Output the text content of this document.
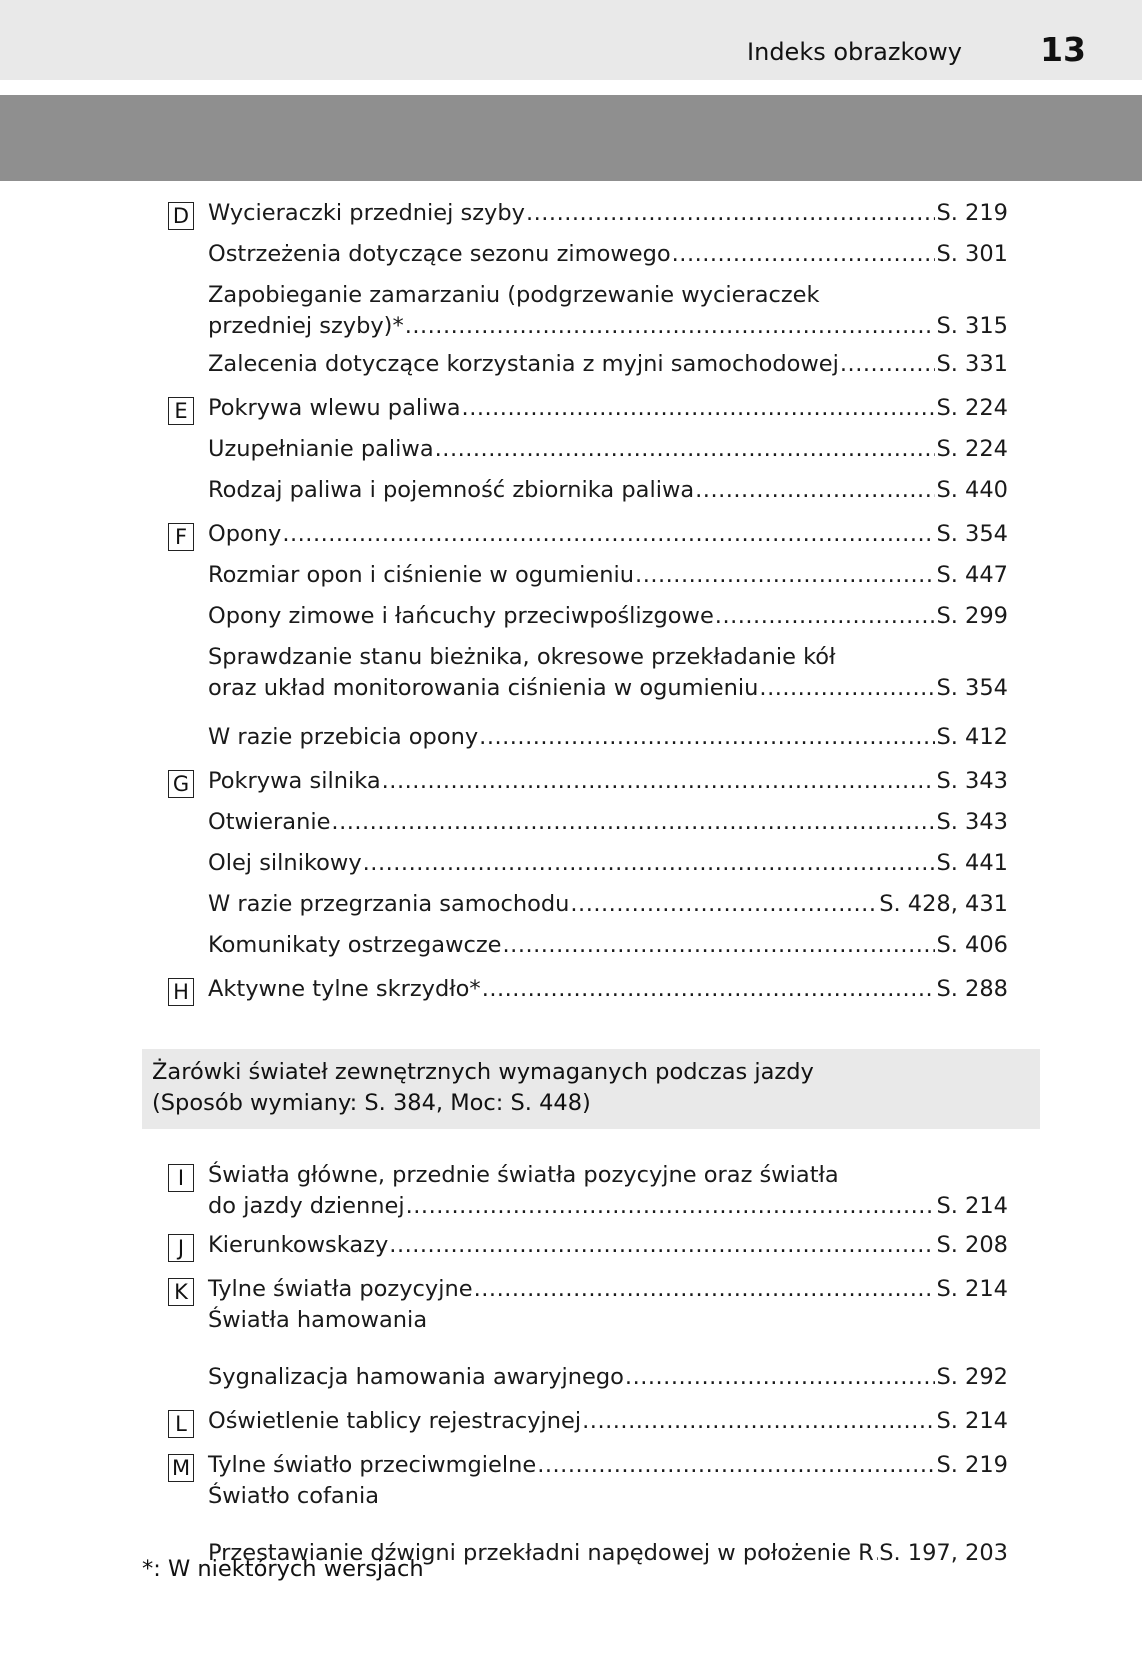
Indeks obrazkowy 13
Żarówki świateł zewnętrznych wymaganych podczas jazdy
(Sposób wymiany: S. 384, Moc: S. 448)
*: W niektórych wersjach
D Wycieraczki przedniej szyby .....	S. 219
Ostrzeżenia dotyczące sezonu zimowego .....	S. 301
Zapobieganie zamarzaniu (podgrzewanie wycieraczek
przedniej szyby)* .....	S. 315
Zalecenia dotyczące korzystania z myjni samochodowej .....	S. 331
E Pokrywa wlewu paliwa .....	S. 224
Uzupełnianie paliwa .....	S. 224
Rodzaj paliwa i pojemność zbiornika paliwa .....	S. 440
F Opony .....	S. 354
Rozmiar opon i ciśnienie w ogumieniu .....	S. 447
Opony zimowe i łańcuchy przeciwpoślizgowe .....	S. 299
Sprawdzanie stanu bieżnika, okresowe przekładanie kół
oraz układ monitorowania ciśnienia w ogumieniu .....	S. 354
W razie przebicia opony .....	S. 412
G Pokrywa silnika .....	S. 343
Otwieranie .....	S. 343
Olej silnikowy .....	S. 441
W razie przegrzania samochodu .....	S. 428, 431
Komunikaty ostrzegawcze .....	S. 406
H Aktywne tylne skrzydło* .....	S. 288
I	Światła główne, przednie światła pozycyjne oraz światła
do jazdy dziennej .....	S. 214
J	Kierunkowskazy .....	S. 208
K Tylne światła pozycyjne .....	S. 214
Światła hamowania
Sygnalizacja hamowania awaryjnego .....	S. 292
L Oświetlenie tablicy rejestracyjnej .....	S. 214
M Tylne światło przeciwmgielne .....	S. 219
Światło cofania
Przestawianie dźwigni przekładni napędowej w położenie R ..... S. 197, 203
